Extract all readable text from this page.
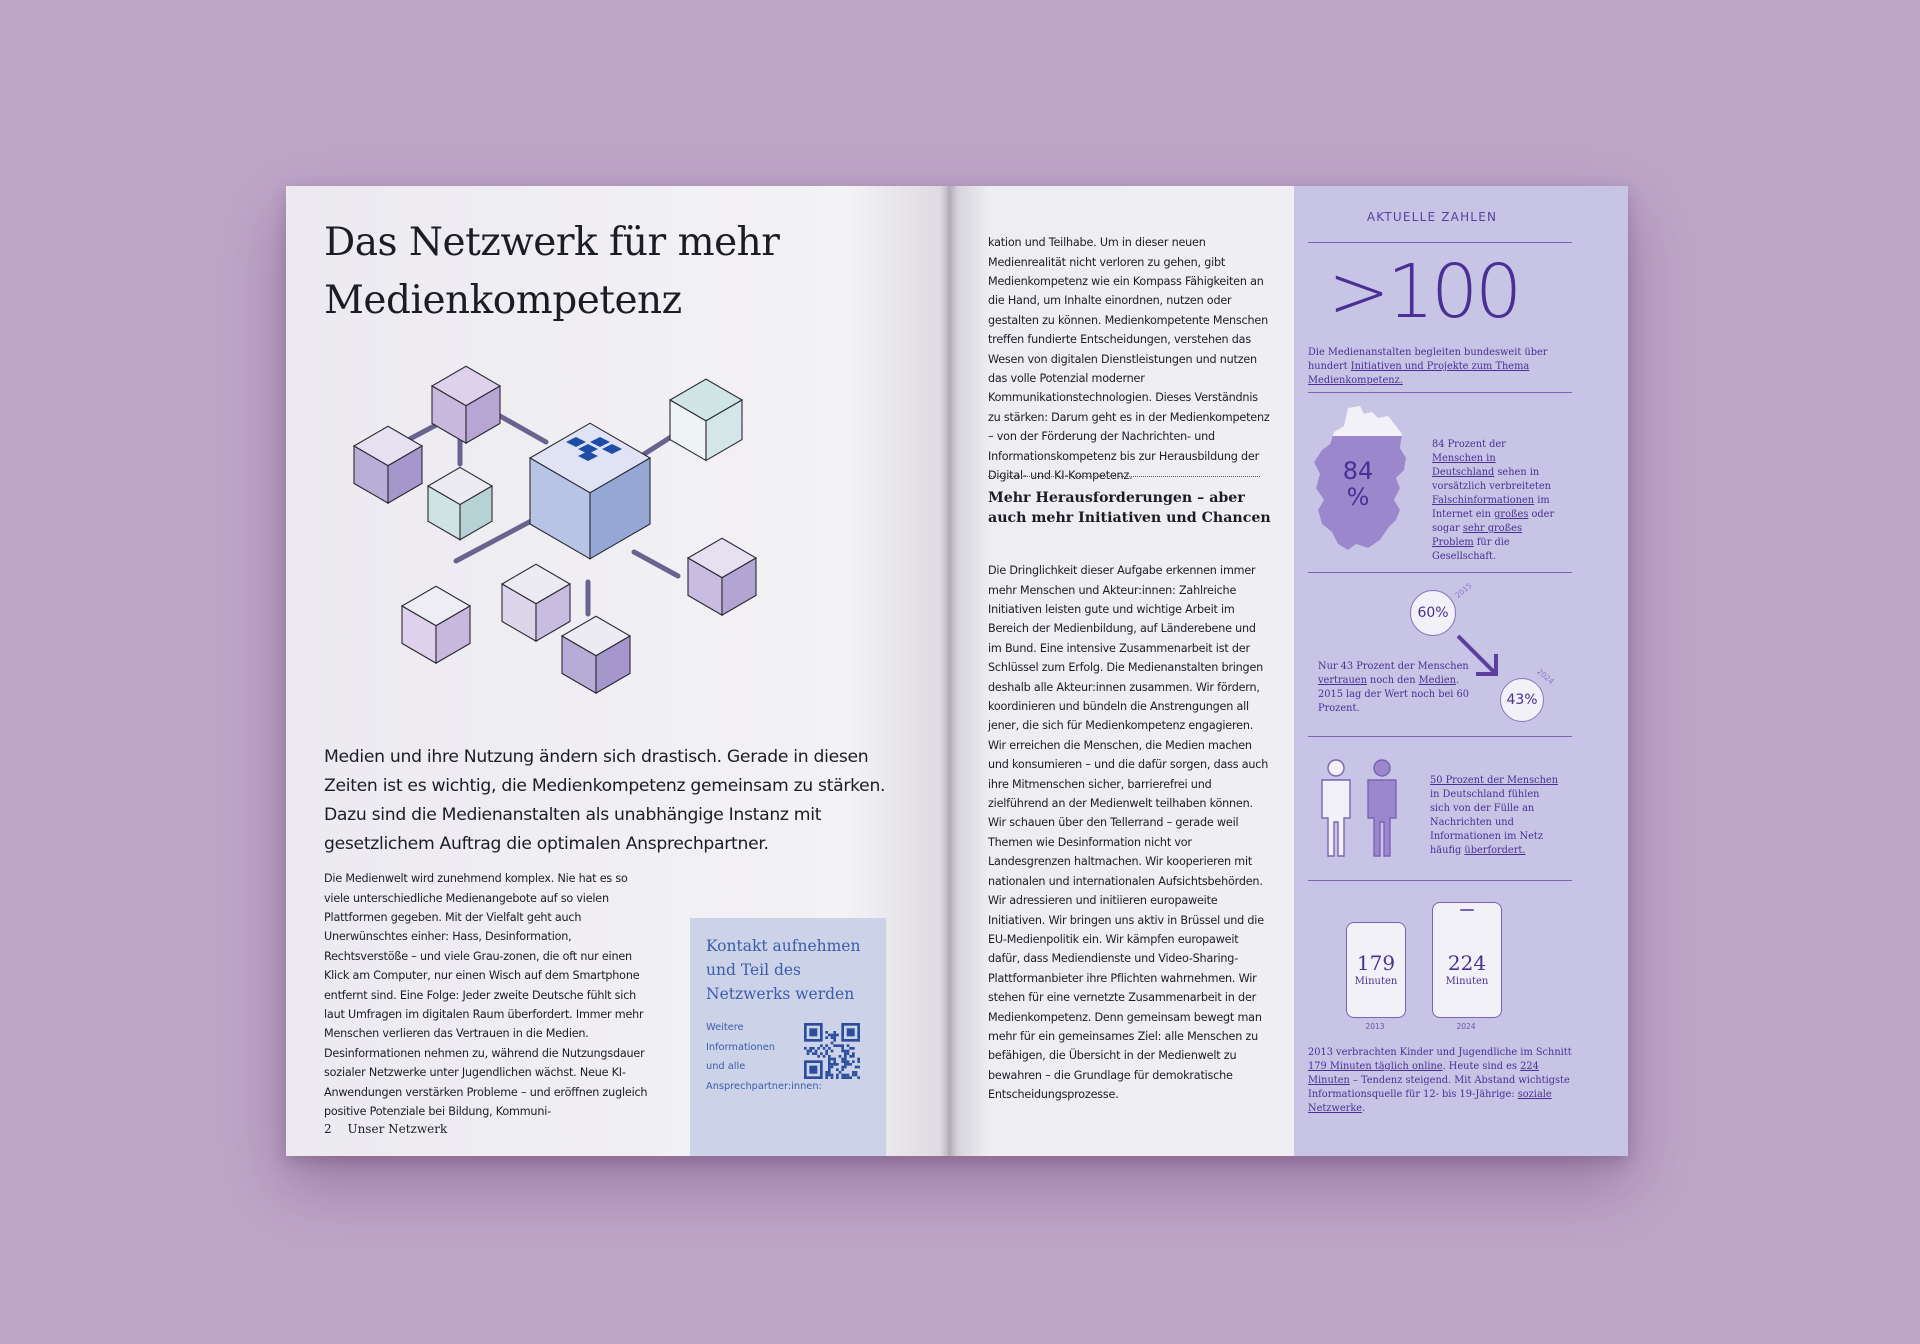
Das Netzwerk für mehr Medienkompetenz

Medien und ihre Nutzung ändern sich drastisch. Gerade in diesen Zeiten ist es wichtig, die Medienkompetenz gemeinsam zu stärken. Dazu sind die Medienanstalten als unabhängige Instanz mit gesetzlichem Auftrag die optimalen Ansprechpartner.

Die Medienwelt wird zunehmend komplex. Nie hat es so viele unterschiedliche Medienangebote auf so vielen Plattformen gegeben. Mit der Vielfalt geht auch Unerwünschtes einher: Hass, Desinformation, Rechtsverstöße – und viele Grau-zonen, die oft nur einen Klick am Computer, nur einen Wisch auf dem Smartphone entfernt sind. Eine Folge: Jeder zweite Deutsche fühlt sich laut Umfragen im digitalen Raum überfordert. Immer mehr Menschen verlieren das Vertrauen in die Medien. Desinformationen nehmen zu, während die Nutzungsdauer sozialer Netzwerke unter Jugendlichen wächst. Neue KI-Anwendungen verstärken Probleme – und eröffnen zugleich positive Potenziale bei Bildung, Kommuni-

Kontakt aufnehmen und Teil des Netzwerks werden
Weitere Informationen und alle Ansprechpartner:innen:
2 Unser Netzwerk

kation und Teilhabe. Um in dieser neuen Medienrealität nicht verloren zu gehen, gibt Medienkompetenz wie ein Kompass Fähigkeiten an die Hand, um Inhalte einordnen, nutzen oder gestalten zu können. Medienkompetente Menschen treffen fundierte Entscheidungen, verstehen das Wesen von digitalen Dienstleistungen und nutzen das volle Potenzial moderner Kommunikationstechnologien. Dieses Verständnis zu stärken: Darum geht es in der Medienkompetenz – von der Förderung der Nachrichten- und Informationskompetenz bis zur Herausbildung der Digital- und KI-Kompetenz.

Mehr Herausforderungen – aber auch mehr Initiativen und Chancen

Die Dringlichkeit dieser Aufgabe erkennen immer mehr Menschen und Akteur:innen: Zahlreiche Initiativen leisten gute und wichtige Arbeit im Bereich der Medienbildung, auf Länderebene und im Bund. Eine intensive Zusammenarbeit ist der Schlüssel zum Erfolg. Die Medienanstalten bringen deshalb alle Akteur:innen zusammen. Wir fördern, koordinieren und bündeln die Anstrengungen all jener, die sich für Medienkompetenz engagieren. Wir erreichen die Menschen, die Medien machen und konsumieren – und die dafür sorgen, dass auch ihre Mitmenschen sicher, barrierefrei und zielführend an der Medienwelt teilhaben können. Wir schauen über den Tellerrand – gerade weil Themen wie Desinformation nicht vor Landesgrenzen haltmachen. Wir kooperieren mit nationalen und internationalen Aufsichtsbehörden. Wir adressieren und initiieren europaweite Initiativen. Wir bringen uns aktiv in Brüssel und die EU-Medienpolitik ein. Wir kämpfen europaweit dafür, dass Mediendienste und Video-Sharing-Plattformanbieter ihre Pflichten wahrnehmen. Wir stehen für eine vernetzte Zusammenarbeit in der Medienkompetenz. Denn gemeinsam bewegt man mehr für ein gemeinsames Ziel: alle Menschen zu befähigen, die Übersicht in der Medienwelt zu bewahren – die Grundlage für demokratische Entscheidungsprozesse.

AKTUELLE ZAHLEN
>100
Die Medienanstalten begleiten bundesweit über hundert Initiativen und Projekte zum Thema Medienkompetenz.
84
%
84 Prozent der Menschen in Deutschland sehen in vorsätzlich verbreiteten Falschinformationen im Internet ein großes oder sogar sehr großes Problem für die Gesellschaft.
60%
2015
43%
2024
Nur 43 Prozent der Menschen vertrauen noch den Medien. 2015 lag der Wert noch bei 60 Prozent.
50 Prozent der Menschen in Deutschland fühlen sich von der Fülle an Nachrichten und Informationen im Netz häufig überfordert.
179
Minuten
2013
224
Minuten
2024
2013 verbrachten Kinder und Jugendliche im Schnitt 179 Minuten täglich online. Heute sind es 224 Minuten – Tendenz steigend. Mit Abstand wichtigste Informationsquelle für 12- bis 19-Jährige: soziale Netzwerke.
